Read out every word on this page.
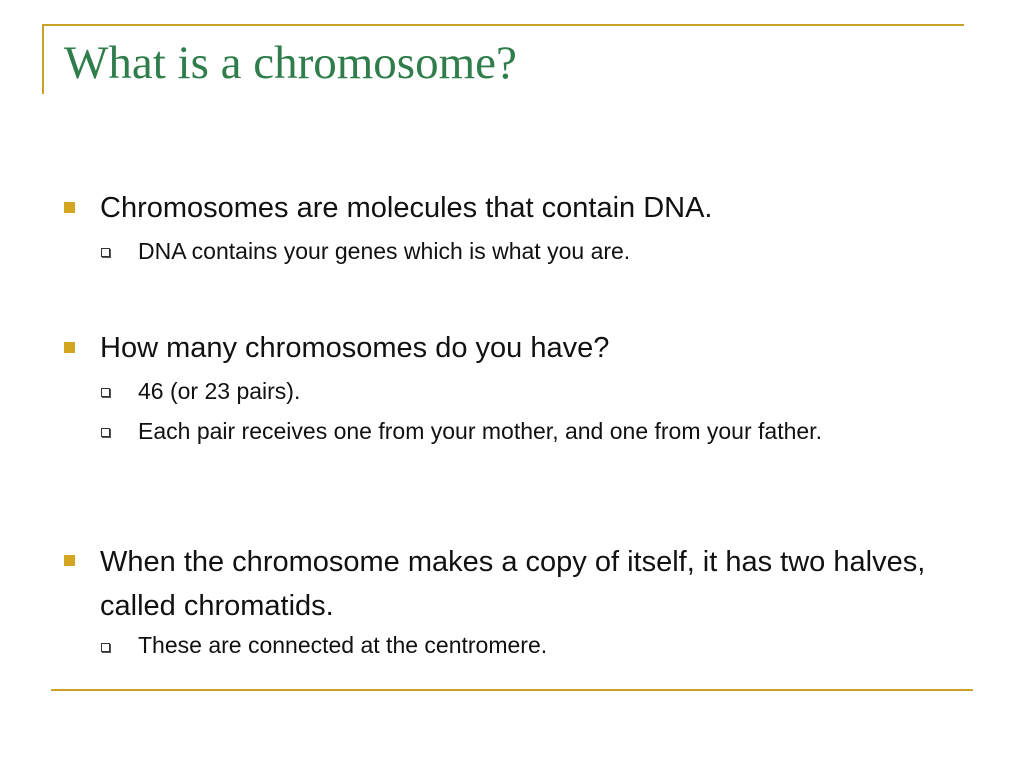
What is a chromosome?
Chromosomes are molecules that contain DNA.
DNA contains your genes which is what you are.
How many chromosomes do you have?
46 (or 23 pairs).
Each pair receives one from your mother, and one from your father.
When the chromosome makes a copy of itself, it has two halves, called chromatids.
These are connected at the centromere.
